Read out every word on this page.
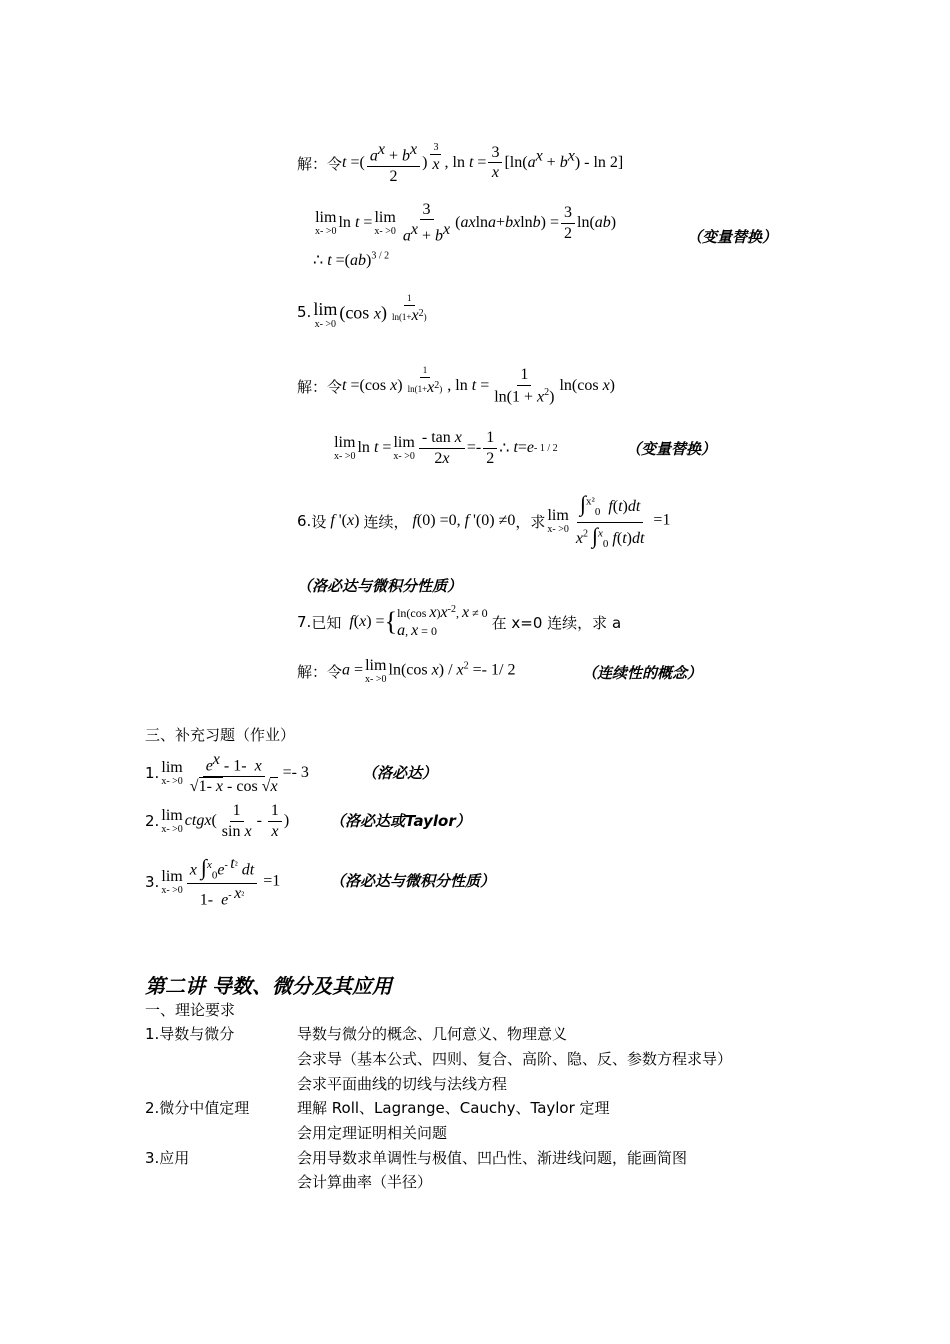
解：令 t =( $\frac{a^x + b^x}{2}$ ) $^{\frac{3}{x}}$ , $\ln t = \frac{3}{x} [\ln(a^x + b^x) - \ln 2]$
lim
x- >0
ln t = lim
$x- >0 \frac{3}{a^x + b^x}$ ( a x ln a + b x ln b ) = $\frac{3}{2} \ln$( ab )
（变量替换）
∴ t =(ab)$^{3 / 2}$
5. lim
x- >0
(cos x) $^{\frac{1}{\ln(1+x^2)}}$
解：令 t =(cos x) $^{\frac{1}{\ln(1+x^2)}}$ , $\ln t = \frac{1}{\ln(1 + x^2)} \ln(\cos$ x)
lim
x- >0
ln t = lim
$x- >0 \frac{\text{- tan x}}{2x} =- \frac{1}{2}$ ∴ t = e - 1 / 2	（变量替换）
6. 设 f '(x) 连续， f(0) =0, f '(0) ≠0 ，求 lim
$x- >0 \frac{\int^{x^2}_0 f(t)dt}{x^2 \int^x_0 f(t)dt} =1$
（洛必达与微积分性质）
7. 已知
f ( x ) = { ln(cos $x)x^{-2}$, x ≠ 0
a, x = 0	在 x=0 连续，求 a
解：令 a = lim
x- >0
ln(cos $x) / x^2 =- 1/$ 2	（连续性的概念）
三、补充习题（作业）
1. lim
$x- >0 \frac{e^x - 1- x}{√1- x - \cos √x} =- 3$	（洛必达）
2. lim
x- >0
ctgx( $\frac{1}{\text{sin x}} - \frac{1}{x}$ )	（洛必达或Taylor）
3. lim
$x- >0 \frac{x \int^x_0e^{- t^2} dt}{1- e^{- x^2}} =1$	（洛必达与微积分性质）
第二讲 导数、微分及其应用
一、理论要求
1.导数与微分	导数与微分的概念、几何意义、物理意义
会求导（基本公式、四则、复合、高阶、隐、反、参数方程求导）
会求平面曲线的切线与法线方程
2.微分中值定理	理解 Roll、Lagrange、Cauchy、Taylor 定理
会用定理证明相关问题
3.应用	会用导数求单调性与极值、凹凸性、渐进线问题，能画简图
会计算曲率（半径）
